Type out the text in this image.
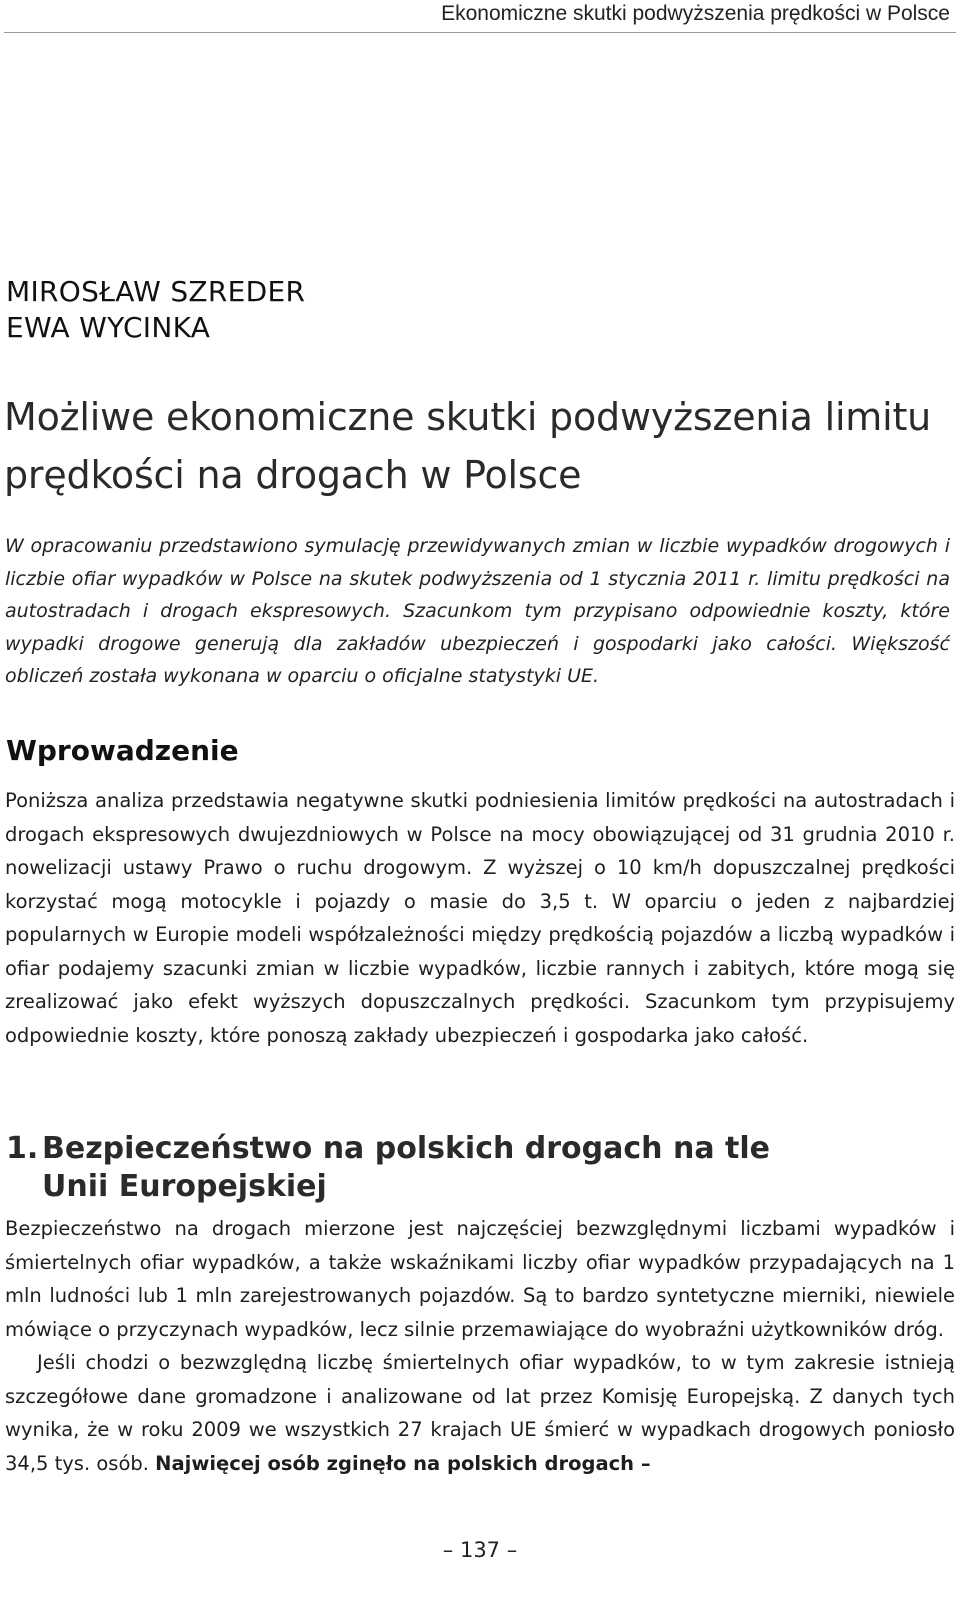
Ekonomiczne skutki podwyższenia prędkości w Polsce
MIROSŁAW SZREDER
EWA WYCINKA
Możliwe ekonomiczne skutki podwyższenia limitu prędkości na drogach w Polsce

W opracowaniu przedstawiono symulację przewidywanych zmian w liczbie wypadków drogowych i liczbie ofiar wypadków w Polsce na skutek podwyższenia od 1 stycznia 2011 r. limitu prędkości na autostradach i drogach ekspresowych. Szacunkom tym przypisano odpowiednie koszty, które wypadki drogowe generują dla zakładów ubezpieczeń i gospodarki jako całości. Większość obliczeń została wykonana w oparciu o oficjalne statystyki UE.

Wprowadzenie

Poniższa analiza przedstawia negatywne skutki podniesienia limitów prędkości na autostradach i drogach ekspresowych dwujezdniowych w Polsce na mocy obowiązującej od 31 grudnia 2010 r. nowelizacji ustawy Prawo o ruchu drogowym. Z wyższej o 10 km/h dopuszczalnej prędkości korzystać mogą motocykle i pojazdy o masie do 3,5 t. W oparciu o jeden z najbardziej popularnych w Europie modeli współzależności między prędkością pojazdów a liczbą wypadków i ofiar podajemy szacunki zmian w liczbie wypadków, liczbie rannych i zabitych, które mogą się zrealizować jako efekt wyższych dopuszczalnych prędkości. Szacunkom tym przypisujemy odpowiednie koszty, które ponoszą zakłady ubezpieczeń i gospodarka jako całość.

1. Bezpieczeństwo na polskich drogach na tle
Unii Europejskiej

Bezpieczeństwo na drogach mierzone jest najczęściej bezwzględnymi liczbami wypadków i śmiertelnych ofiar wypadków, a także wskaźnikami liczby ofiar wypadków przypadających na 1 mln ludności lub 1 mln zarejestrowanych pojazdów. Są to bardzo syntetyczne mierniki, niewiele mówiące o przyczynach wypadków, lecz silnie przemawiające do wyobraźni użytkowników dróg.

Jeśli chodzi o bezwzględną liczbę śmiertelnych ofiar wypadków, to w tym zakresie istnieją szczegółowe dane gromadzone i analizowane od lat przez Komisję Europejską. Z danych tych wynika, że w roku 2009 we wszystkich 27 krajach UE śmierć w wypadkach drogowych poniosło 34,5 tys. osób. Najwięcej osób zginęło na polskich drogach –

– 137 –
